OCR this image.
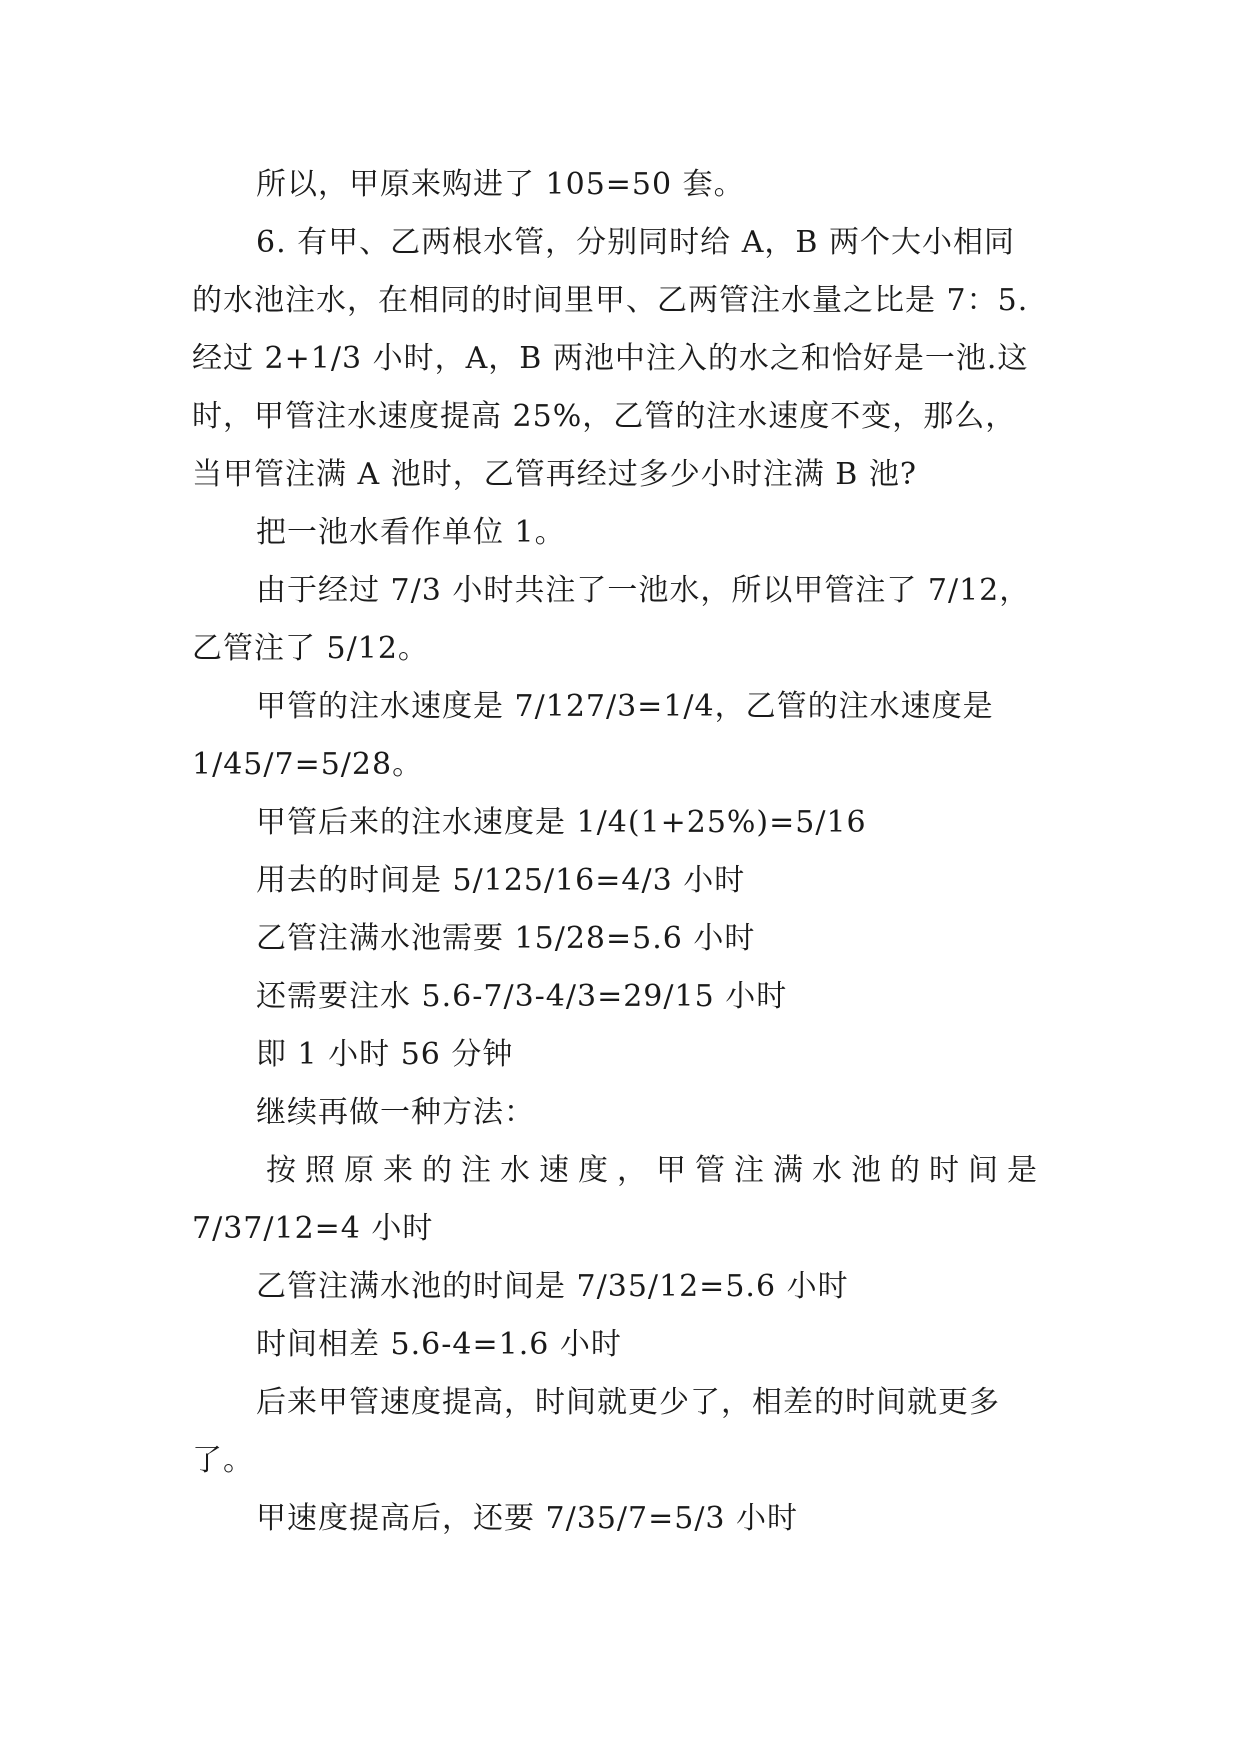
所以，甲原来购进了 105=50 套。
6. 有甲、乙两根水管，分别同时给 A，B 两个大小相同
的水池注水，在相同的时间里甲、乙两管注水量之比是 7：5.
经过 2+1/3 小时，A，B 两池中注入的水之和恰好是一池.这
时，甲管注水速度提高 25%，乙管的注水速度不变，那么，
当甲管注满 A 池时，乙管再经过多少小时注满 B 池?
把一池水看作单位 1。
由于经过 7/3 小时共注了一池水，所以甲管注了 7/12，
乙管注了 5/12。
甲管的注水速度是 7/127/3=1/4，乙管的注水速度是
1/45/7=5/28。
甲管后来的注水速度是 1/4(1+25%)=5/16
用去的时间是 5/125/16=4/3 小时
乙管注满水池需要 15/28=5.6 小时
还需要注水 5.6-7/3-4/3=29/15 小时
即 1 小时 56 分钟
继续再做一种方法：
按照原来的注水速度，甲管注满水池的时间是
7/37/12=4 小时
乙管注满水池的时间是 7/35/12=5.6 小时
时间相差 5.6-4=1.6 小时
后来甲管速度提高，时间就更少了，相差的时间就更多
了。
甲速度提高后，还要 7/35/7=5/3 小时
